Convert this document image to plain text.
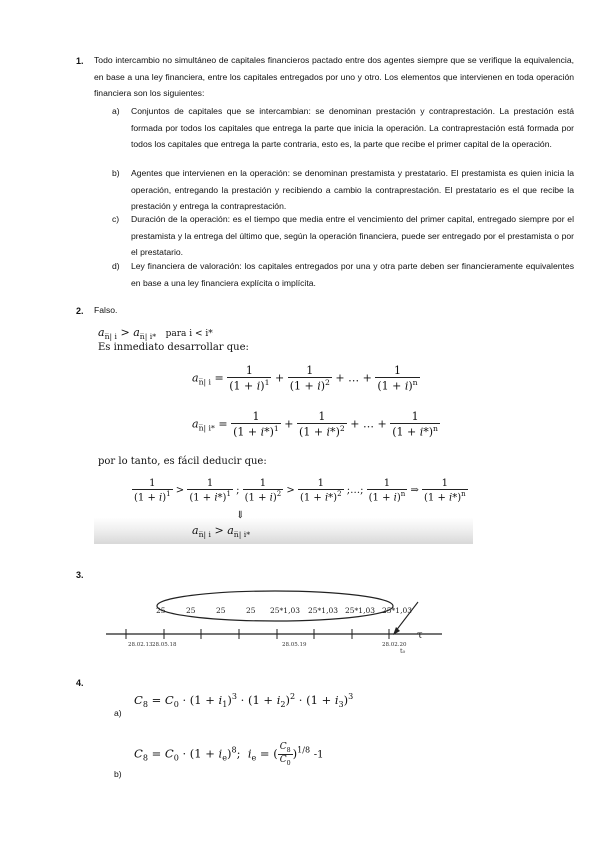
1. Todo intercambio no simultáneo de capitales financieros pactado entre dos agentes siempre que se verifique la equivalencia, en base a una ley financiera, entre los capitales entregados por uno y otro. Los elementos que intervienen en toda operación financiera son los siguientes:
a) Conjuntos de capitales que se intercambian: se denominan prestación y contraprestación. La prestación está formada por todos los capitales que entrega la parte que inicia la operación. La contraprestación está formada por todos los capitales que entrega la parte contraria, esto es, la parte que recibe el primer capital de la operación.
b) Agentes que intervienen en la operación: se denominan prestamista y prestatario. El prestamista es quien inicia la operación, entregando la prestación y recibiendo a cambio la contraprestación. El prestatario es el que recibe la prestación y entrega la contraprestación.
c) Duración de la operación: es el tiempo que media entre el vencimiento del primer capital, entregado siempre por el prestamista y la entrega del último que, según la operación financiera, puede ser entregado por el prestamista o por el prestatario.
d) Ley financiera de valoración: los capitales entregados por una y otra parte deben ser financieramente equivalentes en base a una ley financiera explícita o implícita.
2. Falso.
$a_{n̅| i} > a_{n̅| i*}$ para i < i*
Es inmediato desarrollar que:
$a_{n̅| i} = \frac{1}{(1 + i)^1} + \frac{1}{(1 + i)^2}$ + … + $\frac{1}{(1 + i)^n}$
$a_{n̅| i*} = \frac{1}{(1 + i*)^1} + \frac{1}{(1 + i*)^2}$ + … + $\frac{1}{(1 + i*)^n}$
por lo tanto, es fácil deducir que:
$\frac{1}{(1 + i)^1} > \frac{1}{(1 + i*)^1}$ ; $\frac{1}{(1 + i)^2} > \frac{1}{(1 + i*)^2}$ ;…; $\frac{1}{(1 + i)^n}$ ⇒ $\frac{1}{(1 + i*)^n}$
⇓
$a_{n̅| i} > a_{n̅| i*}$
3.
25	25	25	25 25*1,03 25*1,03 25*1,03 25*1,03
28.02.13 28.05.18	28.05.19	28.02.20
τ
t₀
4.
a)
$C_8 = C_0 \cdot (1 + i_1)^3 \cdot (1 + i_2)^2 \cdot (1 + i_3)^3$
b)
$C_8 = C_0 \cdot (1 + i_e)^8$;  $i_e$ = ( $\frac{C_8}{C_0} )^{1/8}$ -1
